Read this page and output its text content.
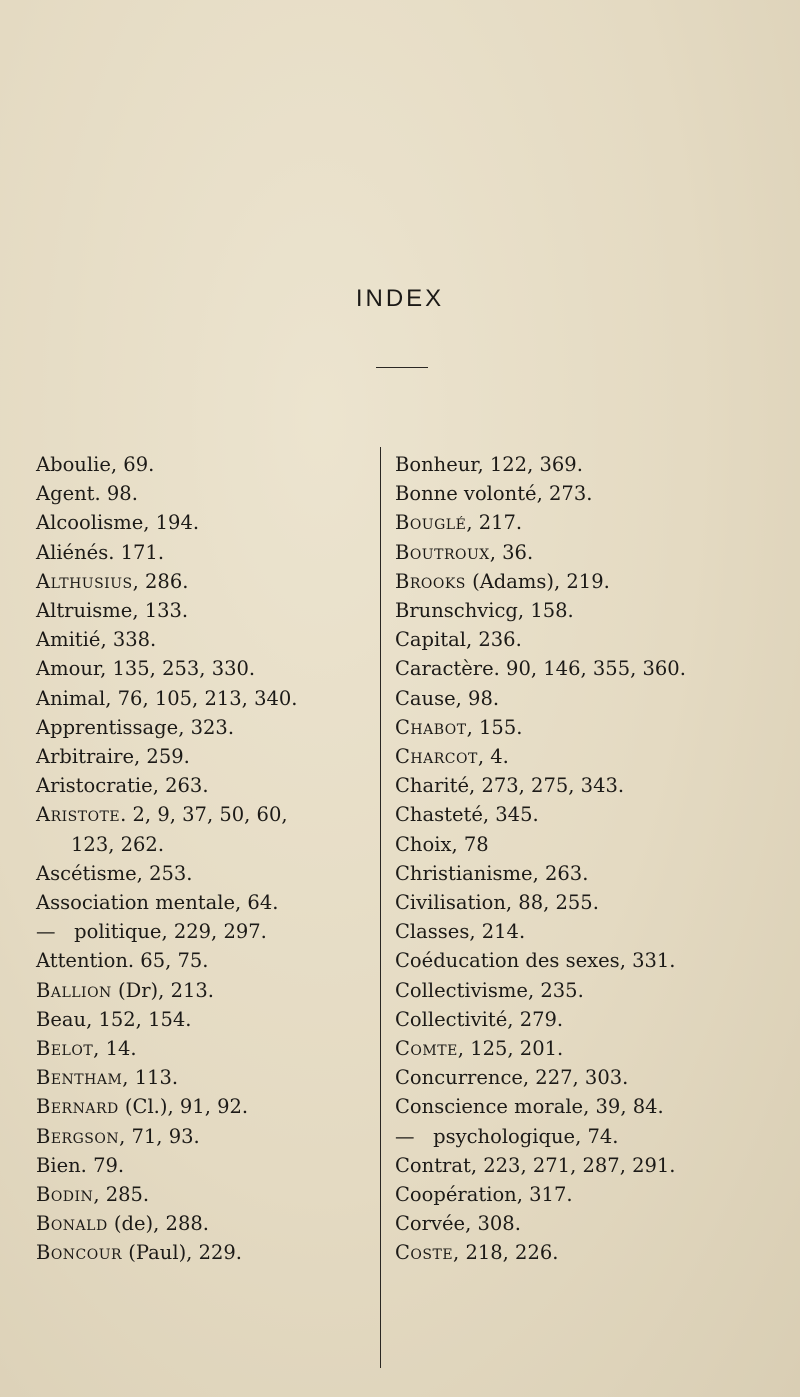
INDEX
Aboulie, 69.
Agent. 98.
Alcoolisme, 194.
Aliénés. 171.
Althusius, 286.
Altruisme, 133.
Amitié, 338.
Amour, 135, 253, 330.
Animal, 76, 105, 213, 340.
Apprentissage, 323.
Arbitraire, 259.
Aristocratie, 263.
Aristote. 2, 9, 37, 50, 60,
123, 262.
Ascétisme, 253.
Association mentale, 64.
—   politique, 229, 297.
Attention. 65, 75.
Ballion (Dr), 213.
Beau, 152, 154.
Belot, 14.
Bentham, 113.
Bernard (Cl.), 91, 92.
Bergson, 71, 93.
Bien. 79.
Bodin, 285.
Bonald (de), 288.
Boncour (Paul), 229.
Bonheur, 122, 369.
Bonne volonté, 273.
Bouglé, 217.
Boutroux, 36.
Brooks (Adams), 219.
Brunschvicg, 158.
Capital, 236.
Caractère. 90, 146, 355, 360.
Cause, 98.
Chabot, 155.
Charcot, 4.
Charité, 273, 275, 343.
Chasteté, 345.
Choix, 78
Christianisme, 263.
Civilisation, 88, 255.
Classes, 214.
Coéducation des sexes, 331.
Collectivisme, 235.
Collectivité, 279.
Comte, 125, 201.
Concurrence, 227, 303.
Conscience morale, 39, 84.
—   psychologique, 74.
Contrat, 223, 271, 287, 291.
Coopération, 317.
Corvée, 308.
Coste, 218, 226.
